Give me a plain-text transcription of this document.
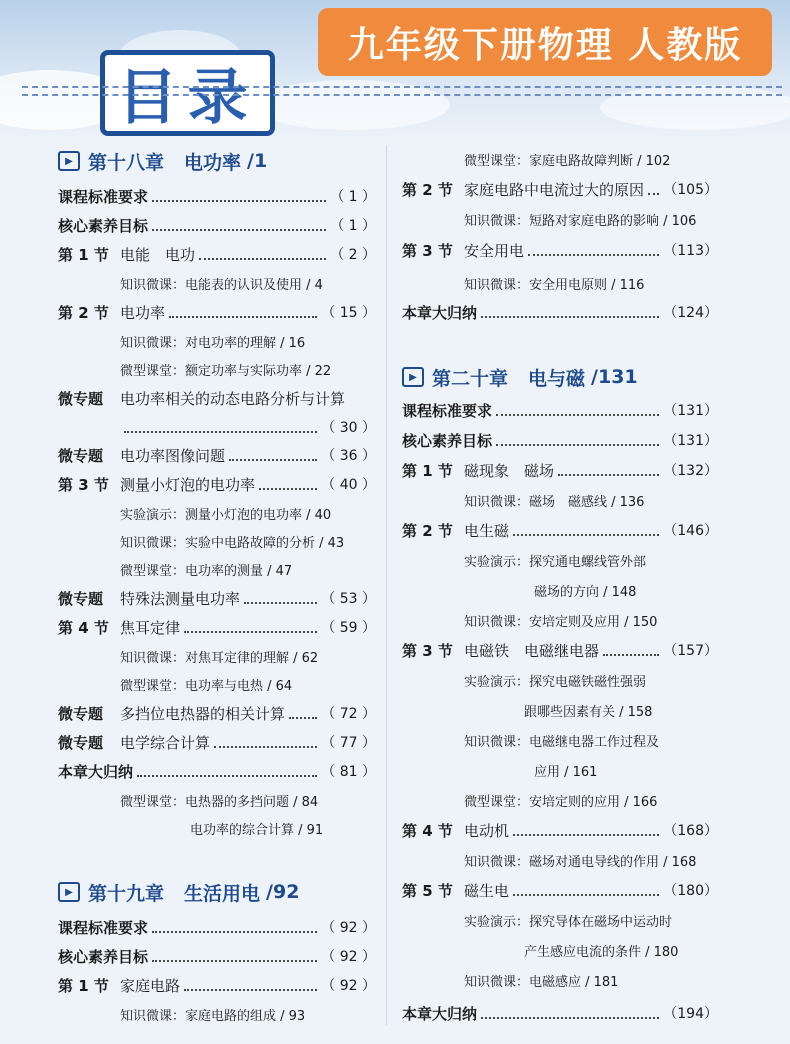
九年级下册物理 人教版
目录
▶ 第十八章 电功率 /1
课程标准要求	（ 1 ）
核心素养目标	（ 1 ）
第 1 节 电能　电功	（ 2 ）
知识微课：电能表的认识及使用 / 4
第 2 节 电功率	（ 15 ）
知识微课：对电功率的理解 / 16
微型课堂：额定功率与实际功率 / 22
微专题	电功率相关的动态电路分析与计算
（ 30 ）
微专题	电功率图像问题	（ 36 ）
第 3 节 测量小灯泡的电功率	（ 40 ）
实验演示：测量小灯泡的电功率 / 40
知识微课：实验中电路故障的分析 / 43
微型课堂：电功率的测量 / 47
微专题	特殊法测量电功率	（ 53 ）
第 4 节 焦耳定律	（ 59 ）
知识微课：对焦耳定律的理解 / 62
微型课堂：电功率与电热 / 64
微专题	多挡位电热器的相关计算	（ 72 ）
微专题	电学综合计算	（ 77 ）
本章大归纳	（ 81 ）
微型课堂：电热器的多挡问题 / 84
电功率的综合计算 / 91
▶ 第十九章 生活用电 /92
课程标准要求	（ 92 ）
核心素养目标	（ 92 ）
第 1 节 家庭电路	（ 92 ）
知识微课：家庭电路的组成 / 93
微型课堂：家庭电路故障判断 / 102
第 2 节 家庭电路中电流过大的原因 （105）
知识微课：短路对家庭电路的影响 / 106
第 3 节 安全用电	（113）
知识微课：安全用电原则 / 116
本章大归纳	（124）
▶ 第二十章 电与磁 /131
课程标准要求	（131）
核心素养目标	（131）
第 1 节 磁现象　磁场	（132）
知识微课：磁场　磁感线 / 136
第 2 节 电生磁	（146）
实验演示：探究通电螺线管外部
磁场的方向 / 148
知识微课：安培定则及应用 / 150
第 3 节 电磁铁　电磁继电器	（157）
实验演示：探究电磁铁磁性强弱
跟哪些因素有关 / 158
知识微课：电磁继电器工作过程及
应用 / 161
微型课堂：安培定则的应用 / 166
第 4 节 电动机	（168）
知识微课：磁场对通电导线的作用 / 168
第 5 节 磁生电	（180）
实验演示：探究导体在磁场中运动时
产生感应电流的条件 / 180
知识微课：电磁感应 / 181
本章大归纳	（194）
